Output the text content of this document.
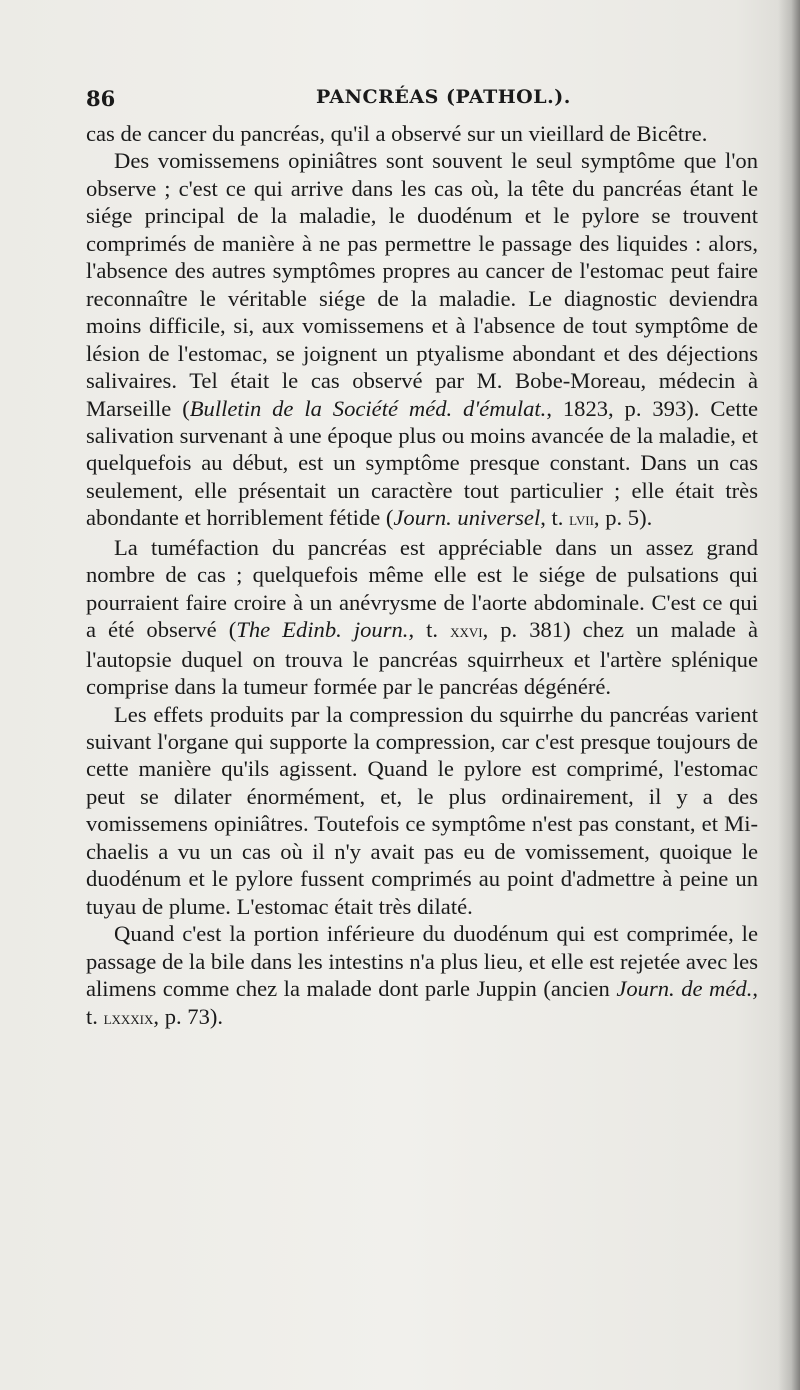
86	PANCRÉAS (PATHOL.).

cas de cancer du pancréas, qu'il a observé sur un vieillard de Bicêtre.

Des vomissemens opiniâtres sont souvent le seul symptôme que l'on observe ; c'est ce qui arrive dans les cas où, la tête du pancréas étant le siége principal de la maladie, le duodénum et le pylore se trouvent comprimés de manière à ne pas permettre le passage des liquides : alors, l'absence des autres symptômes propres au cancer de l'estomac peut faire reconnaître le véritable siége de la maladie. Le diagnostic deviendra moins difficile, si, aux vomissemens et à l'absence de tout symptôme de lésion de l'estomac, se joignent un ptyalisme abondant et des déjections salivaires. Tel était le cas observé par M. Bobe-Moreau, médecin à Marseille (Bulletin de la Société méd. d'émulat., 1823, p. 393). Cette salivation survenant à une époque plus ou moins avancée de la maladie, et quelquefois au début, est un symptôme presque constant. Dans un cas seulement, elle présentait un caractère tout particulier ; elle était très abondante et horriblement fétide (Journ. universel, t. lvii, p. 5).

La tuméfaction du pancréas est appréciable dans un assez grand nombre de cas ; quelquefois même elle est le siége de pulsations qui pourraient faire croire à un anévrysme de l'aorte abdominale. C'est ce qui a été observé (The Edinb. journ., t. xxvi, p. 381) chez un malade à l'autopsie duquel on trouva le pancréas squirrheux et l'artère splénique comprise dans la tumeur formée par le pancréas dégénéré.

Les effets produits par la compression du squirrhe du pancréas varient suivant l'organe qui supporte la compression, car c'est presque toujours de cette manière qu'ils agissent. Quand le pylore est comprimé, l'estomac peut se dilater énormément, et, le plus ordinairement, il y a des vomissemens opiniâtres. Toutefois ce symptôme n'est pas constant, et Michaelis a vu un cas où il n'y avait pas eu de vomissement, quoique le duodénum et le pylore fussent comprimés au point d'admettre à peine un tuyau de plume. L'estomac était très dilaté.

Quand c'est la portion inférieure du duodénum qui est comprimée, le passage de la bile dans les intestins n'a plus lieu, et elle est rejetée avec les alimens comme chez la malade dont parle Juppin (ancien Journ. de méd., t. lxxxix, p. 73).
